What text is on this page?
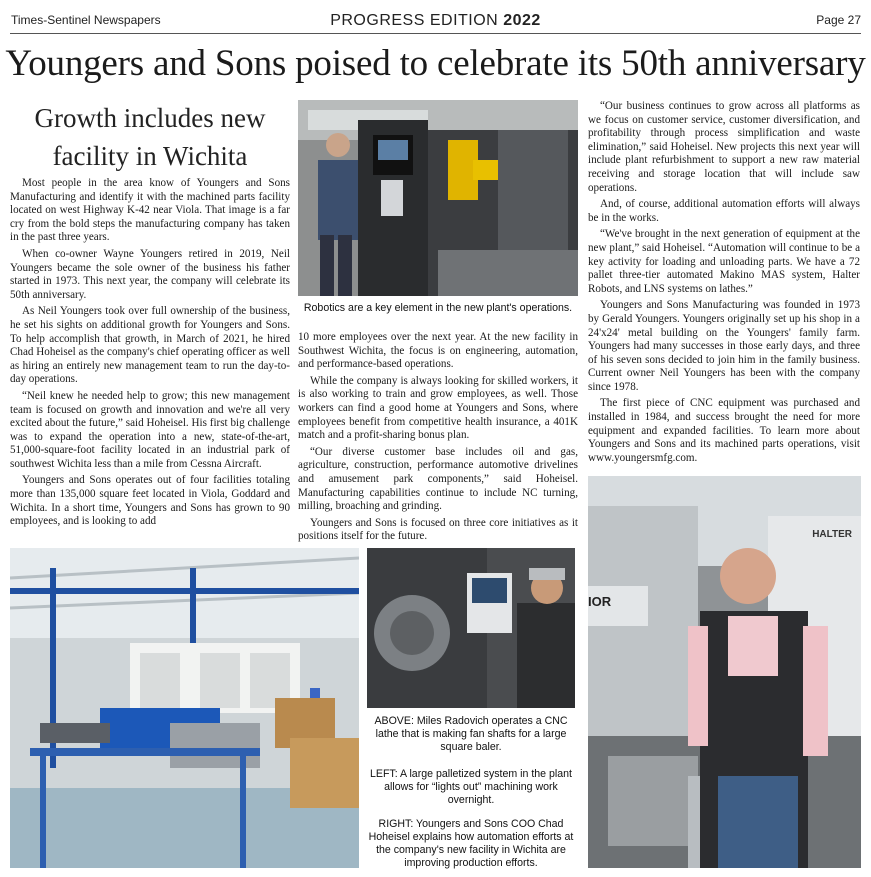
Times-Sentinel Newspapers	PROGRESS EDITION 2022	Page 27
Youngers and Sons poised to celebrate its 50th anniversary
Growth includes new facility in Wichita

Most people in the area know of Youngers and Sons Manufacturing and identify it with the machined parts facility located on west Highway K-42 near Viola. That image is a far cry from the bold steps the manufacturing company has taken in the past three years.

When co-owner Wayne Youngers retired in 2019, Neil Youngers became the sole owner of the business his father started in 1973. This next year, the company will celebrate its 50th anniversary.

As Neil Youngers took over full ownership of the business, he set his sights on additional growth for Youngers and Sons. To help accomplish that growth, in March of 2021, he hired Chad Hoheisel as the company's chief operating officer as well as hiring an entirely new management team to run the day-to-day operations.

“Neil knew he needed help to grow; this new management team is focused on growth and innovation and we're all very excited about the future,” said Hoheisel. His first big challenge was to expand the operation into a new, state-of-the-art, 51,000-square-foot facility located in an industrial park of southwest Wichita less than a mile from Cessna Aircraft.

Youngers and Sons operates out of four facilities totaling more than 135,000 square feet located in Viola, Goddard and Wichita. In a short time, Youngers and Sons has grown to 90 employees, and is looking to add

Robotics are a key element in the new plant's operations.

10 more employees over the next year. At the new facility in Southwest Wichita, the focus is on engineering, automation, and performance-based operations.

While the company is always looking for skilled workers, it is also working to train and grow employees, as well. Those workers can find a good home at Youngers and Sons, where employees benefit from competitive health insurance, a 401K match and a profit-sharing bonus plan.

“Our diverse customer base includes oil and gas, agriculture, construction, performance automotive drivelines and amusement park components,” said Hoheisel. Manufacturing capabilities continue to include NC turning, milling, broaching and grinding.

Youngers and Sons is focused on three core initiatives as it positions itself for the future.

“Our business continues to grow across all platforms as we focus on customer service, customer diversification, and profitability through process simplification and waste elimination,” said Hoheisel. New projects this next year will include plant refurbishment to support a new raw material receiving and storage location that will include saw operations.

And, of course, additional automation efforts will always be in the works.

“We've brought in the next generation of equipment at the new plant,” said Hoheisel. “Automation will continue to be a key activity for loading and unloading parts. We have a 72 pallet three-tier automated Makino MAS system, Halter Robots, and LNS systems on lathes.”

Youngers and Sons Manufacturing was founded in 1973 by Gerald Youngers. Youngers originally set up his shop in a 24'x24' metal building on the Youngers' family farm. Youngers had many successes in those early days, and three of his seven sons decided to join him in the family business. Current owner Neil Youngers has been with the company since 1978.

The first piece of CNC equipment was purchased and installed in 1984, and success brought the need for more equipment and expanded facilities. To learn more about Youngers and Sons and its machined parts operations, visit www.youngersmfg.com.

ABOVE: Miles Radovich operates a CNC lathe that is making fan shafts for a large square baler.
LEFT: A large palletized system in the plant allows for “lights out” machining work overnight.
RIGHT: Youngers and Sons COO Chad Hoheisel explains how automation efforts at the company's new facility in Wichita are improving production efforts.
HALTER
IOR
